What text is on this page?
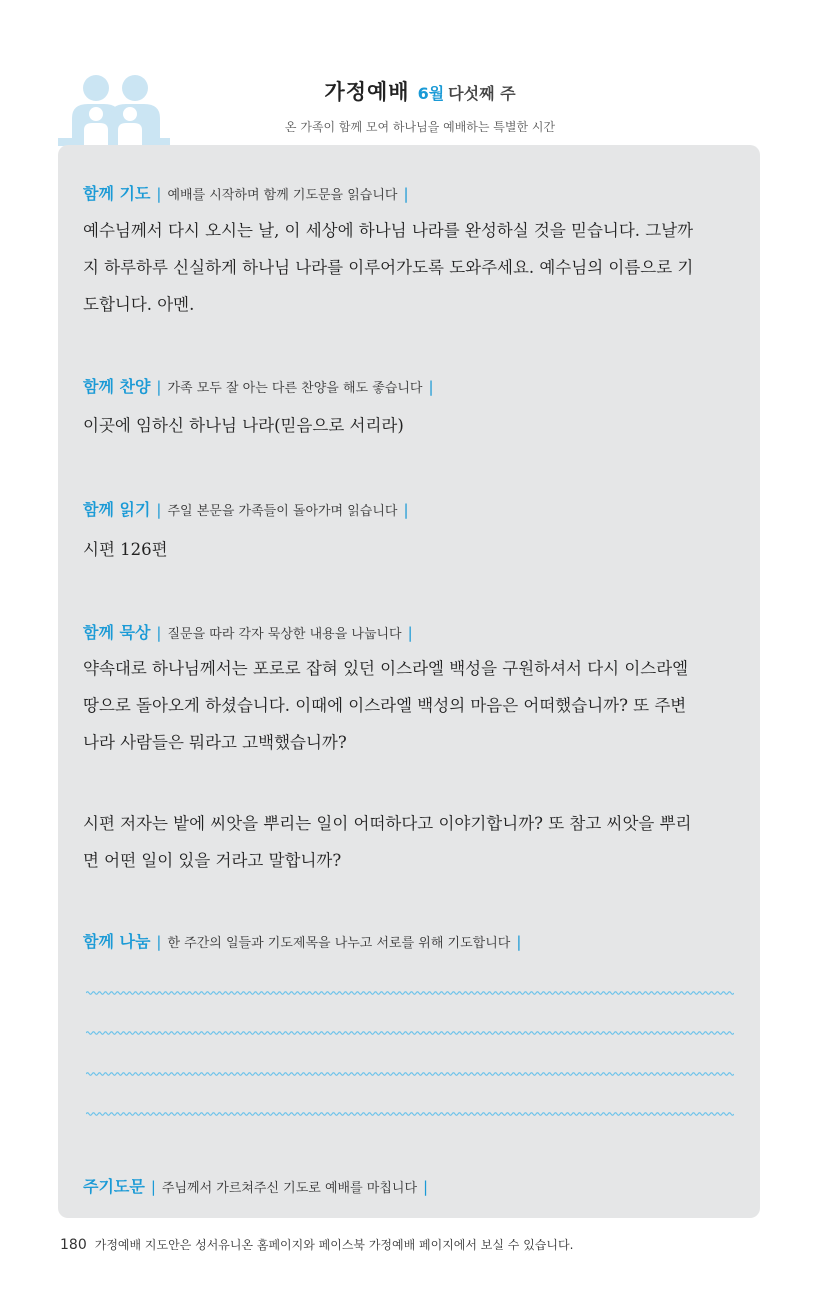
가정예배 6월 다섯째 주
온 가족이 함께 모여 하나님을 예배하는 특별한 시간
함께 기도 | 예배를 시작하며 함께 기도문을 읽습니다 |

예수님께서 다시 오시는 날, 이 세상에 하나님 나라를 완성하실 것을 믿습니다. 그날까
지 하루하루 신실하게 하나님 나라를 이루어가도록 도와주세요. 예수님의 이름으로 기
도합니다. 아멘.

함께 찬양 | 가족 모두 잘 아는 다른 찬양을 해도 좋습니다 |

이곳에 임하신 하나님 나라(믿음으로 서리라)

함께 읽기 | 주일 본문을 가족들이 돌아가며 읽습니다 |

시편 126편

함께 묵상 | 질문을 따라 각자 묵상한 내용을 나눕니다 |

약속대로 하나님께서는 포로로 잡혀 있던 이스라엘 백성을 구원하셔서 다시 이스라엘
땅으로 돌아오게 하셨습니다. 이때에 이스라엘 백성의 마음은 어떠했습니까? 또 주변
나라 사람들은 뭐라고 고백했습니까?

시편 저자는 밭에 씨앗을 뿌리는 일이 어떠하다고 이야기합니까? 또 참고 씨앗을 뿌리
면 어떤 일이 있을 거라고 말합니까?

함께 나눔 | 한 주간의 일들과 기도제목을 나누고 서로를 위해 기도합니다 |
주기도문 | 주님께서 가르쳐주신 기도로 예배를 마칩니다 |
180 가정예배 지도안은 성서유니온 홈페이지와 페이스북 가정예배 페이지에서 보실 수 있습니다.
